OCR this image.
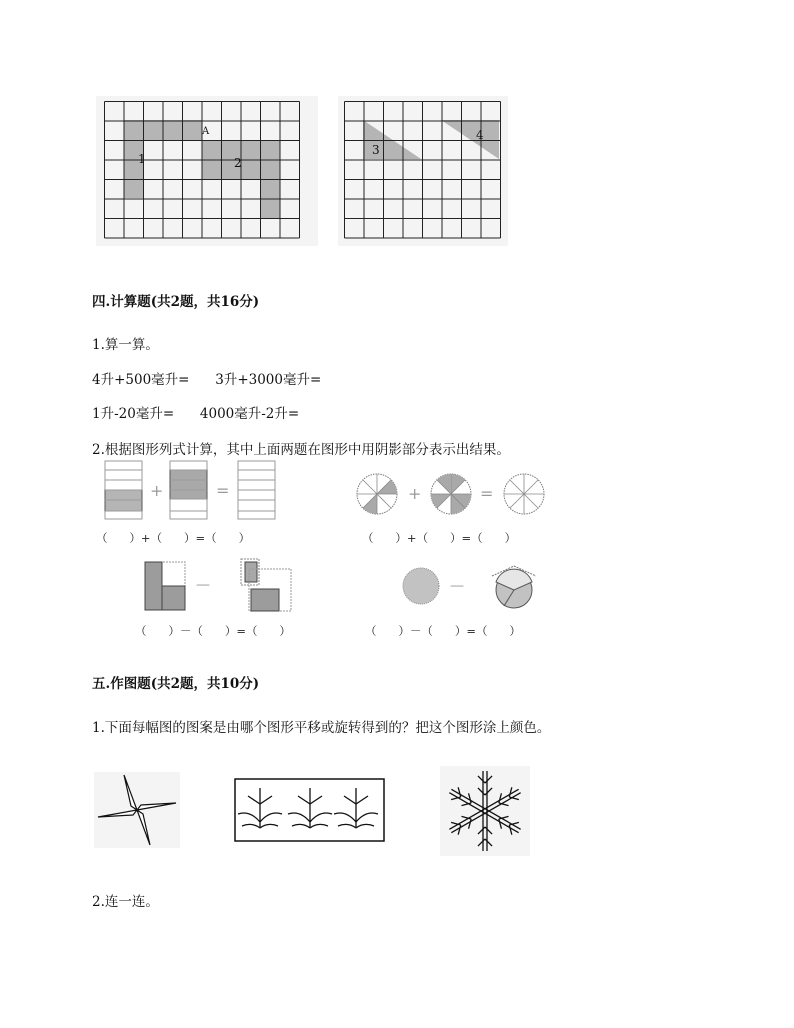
A
1	2
3
4
四.计算题(共2题，共16分)
1.算一算。
4升+500毫升=      3升+3000毫升=
1升-20毫升=      4000毫升-2升=
2.根据图形列式计算，其中上面两题在图形中用阴影部分表示出结果。
+	=
（      ）+（      ）=（      ）
+	=
（      ）+（      ）=（      ）
—
（      ）－（      ）=（      ）
—
（      ）－（      ）=（      ）
五.作图题(共2题，共10分)
1.下面每幅图的图案是由哪个图形平移或旋转得到的？把这个图形涂上颜色。
2.连一连。
